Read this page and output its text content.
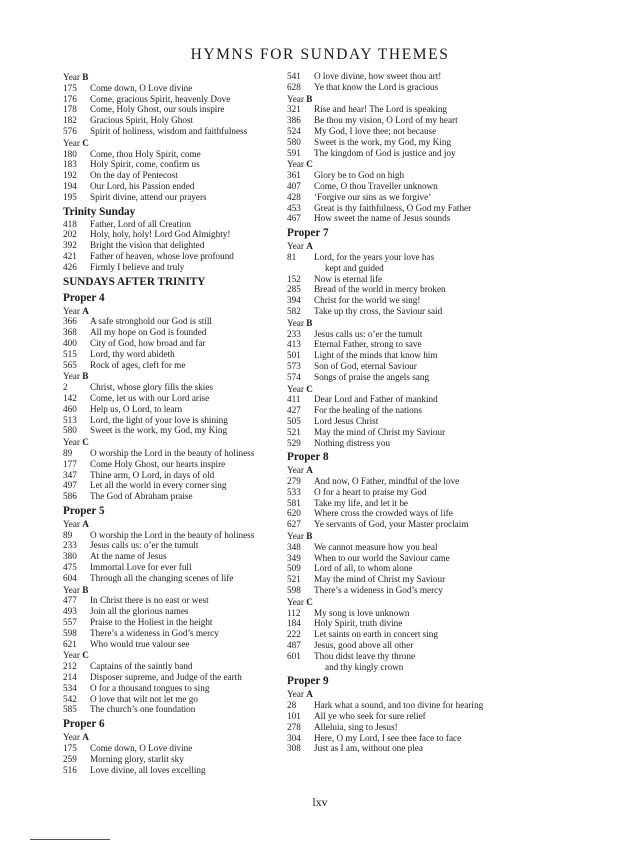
HYMNS FOR SUNDAY THEMES
Year B
175	Come down, O Love divine
176	Come, gracious Spirit, heavenly Dove
178	Come, Holy Ghost, our souls inspire
182	Gracious Spirit, Holy Ghost
576	Spirit of holiness, wisdom and faithfulness
Year C
180	Come, thou Holy Spirit, come
183	Holy Spirit, come, confirm us
192	On the day of Pentecost
194	Our Lord, his Passion ended
195	Spirit divine, attend our prayers
Trinity Sunday
418	Father, Lord of all Creation
202	Holy, holy, holy! Lord God Almighty!
392	Bright the vision that delighted
421	Father of heaven, whose love profound
426	Firmly I believe and truly
SUNDAYS AFTER TRINITY
Proper 4
Year A
366	A safe stronghold our God is still
368	All my hope on God is founded
400	City of God, how broad and far
515	Lord, thy word abideth
565	Rock of ages, cleft for me
Year B
2	Christ, whose glory fills the skies
142	Come, let us with our Lord arise
460	Help us, O Lord, to learn
513	Lord, the light of your love is shining
580	Sweet is the work, my God, my King
Year C
89	O worship the Lord in the beauty of holiness
177	Come Holy Ghost, our hearts inspire
347	Thine arm, O Lord, in days of old
497	Let all the world in every corner sing
586	The God of Abraham praise
Proper 5
Year A
89	O worship the Lord in the beauty of holiness
233	Jesus calls us: o’er the tumult
380	At the name of Jesus
475	Immortal Love for ever full
604	Through all the changing scenes of life
Year B
477	In Christ there is no east or west
493	Join all the glorious names
557	Praise to the Holiest in the height
598	There’s a wideness in God’s mercy
621	Who would true valour see
Year C
212	Captains of the saintly band
214	Disposer supreme, and Judge of the earth
534	O for a thousand tongues to sing
542	O love that wilt not let me go
585	The church’s one foundation
Proper 6
Year A
175	Come down, O Love divine
259	Morning glory, starlit sky
516	Love divine, all loves excelling
541	O love divine, how sweet thou art!
628	Ye that know the Lord is gracious
Year B
321	Rise and hear! The Lord is speaking
386	Be thou my vision, O Lord of my heart
524	My God, I love thee; not because
580	Sweet is the work, my God, my King
591	The kingdom of God is justice and joy
Year C
361	Glory be to God on high
407	Come, O thou Traveller unknown
428	‘Forgive our sins as we forgive’
453	Great is thy faithfulness, O God my Father
467	How sweet the name of Jesus sounds
Proper 7
Year A
81	Lord, for the years your love has
kept and guided
152	Now is eternal life
285	Bread of the world in mercy broken
394	Christ for the world we sing!
582	Take up thy cross, the Saviour said
Year B
233	Jesus calls us: o’er the tumult
413	Eternal Father, strong to save
501	Light of the minds that know him
573	Son of God, eternal Saviour
574	Songs of praise the angels sang
Year C
411	Dear Lord and Father of mankind
427	For the healing of the nations
505	Lord Jesus Christ
521	May the mind of Christ my Saviour
529	Nothing distress you
Proper 8
Year A
279	And now, O Father, mindful of the love
533	O for a heart to praise my God
581	Take my life, and let it be
620	Where cross the crowded ways of life
627	Ye servants of God, your Master proclaim
Year B
348	We cannot measure how you heal
349	When to our world the Saviour came
509	Lord of all, to whom alone
521	May the mind of Christ my Saviour
598	There’s a wideness in God’s mercy
Year C
112	My song is love unknown
184	Holy Spirit, truth divine
222	Let saints on earth in concert sing
487	Jesus, good above all other
601	Thou didst leave thy throne
and thy kingly crown
Proper 9
Year A
28	Hark what a sound, and too divine for hearing
101	All ye who seek for sure relief
278	Alleluia, sing to Jesus!
304	Here, O my Lord, I see thee face to face
308	Just as I am, without one plea
lxv
